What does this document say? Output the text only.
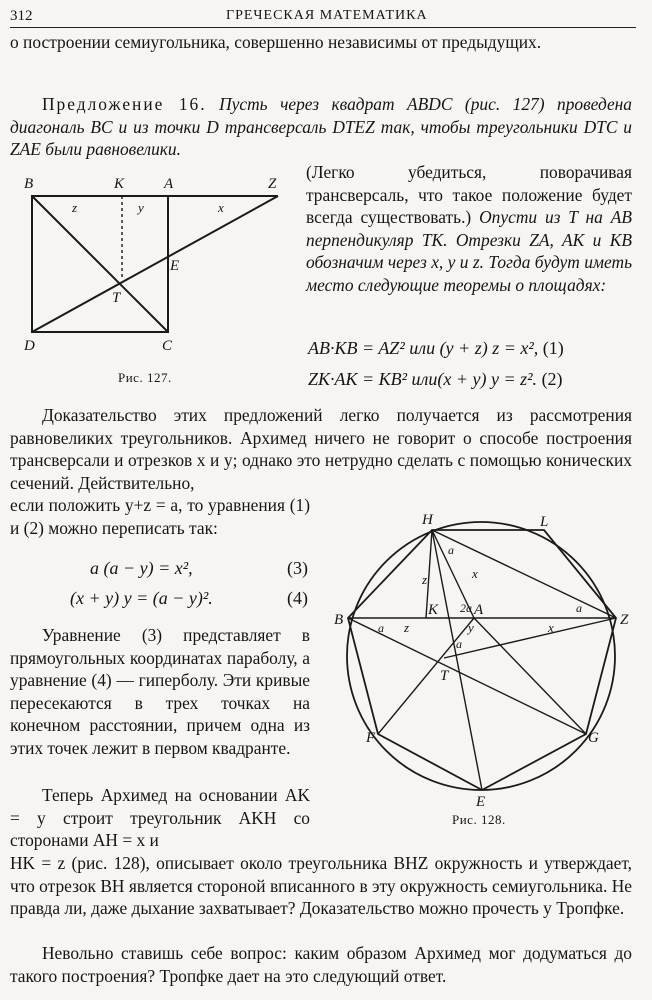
312	ГРЕЧЕСКАЯ МАТЕМАТИКА

о построении семиугольника, совершенно независимы от предыдущих.

Предложение 16. Пусть через квадрат ABDC (рис. 127) проведена диагональ BC и из точки D трансверсаль DTEZ так, чтобы треугольники DTC и ZAE были равновелики.

(Легко убедиться, поворачивая трансверсаль, что такое положение будет всегда существовать.) Опусти из T на AB перпендикуляр TK. Отрезки ZA, AK и KB обозначим через x, y и z. Тогда будут иметь место следующие теоремы о площадях:

B	K	A	Z
D	C
E
T
z	y	x
Рис. 127.
AB·KB = AZ² или (y + z) z = x², (1)
ZK·AK = KB² или(x + y) y = z². (2)

Доказательство этих предложений легко получается из рассмотрения равновеликих треугольников. Архимед ничего не говорит о способе построения трансверсали и отрезков x и y; однако это нетрудно сделать с помощью конических сечений. Действительно,

если положить y+z = a, то уравнения (1) и (2) можно переписать так:

a (a − y) = x²,	(3)
(x + y) y = (a − y)².	(4)

Уравнение (3) представляет в прямоугольных координатах параболу, а уравнение (4) — гиперболу. Эти кривые пересекаются в трех точках на конечном расстоянии, причем одна из этих точек лежит в первом квадранте.

Теперь Архимед на основании AK = y строит треугольник AKH со сторонами AH = x и

H	L
B	Z
K A
T
F	G
E
a
2a
a
a
a
z	x
z	y	x
Рис. 128.

HK = z (рис. 128), описывает около треугольника BHZ окружность и утверждает, что отрезок BH является стороной вписанного в эту окружность семиугольника. Не правда ли, даже дыхание захватывает? Доказательство можно прочесть у Тропфке.

Невольно ставишь себе вопрос: каким образом Архимед мог додуматься до такого построения? Тропфке дает на это следующий ответ.
